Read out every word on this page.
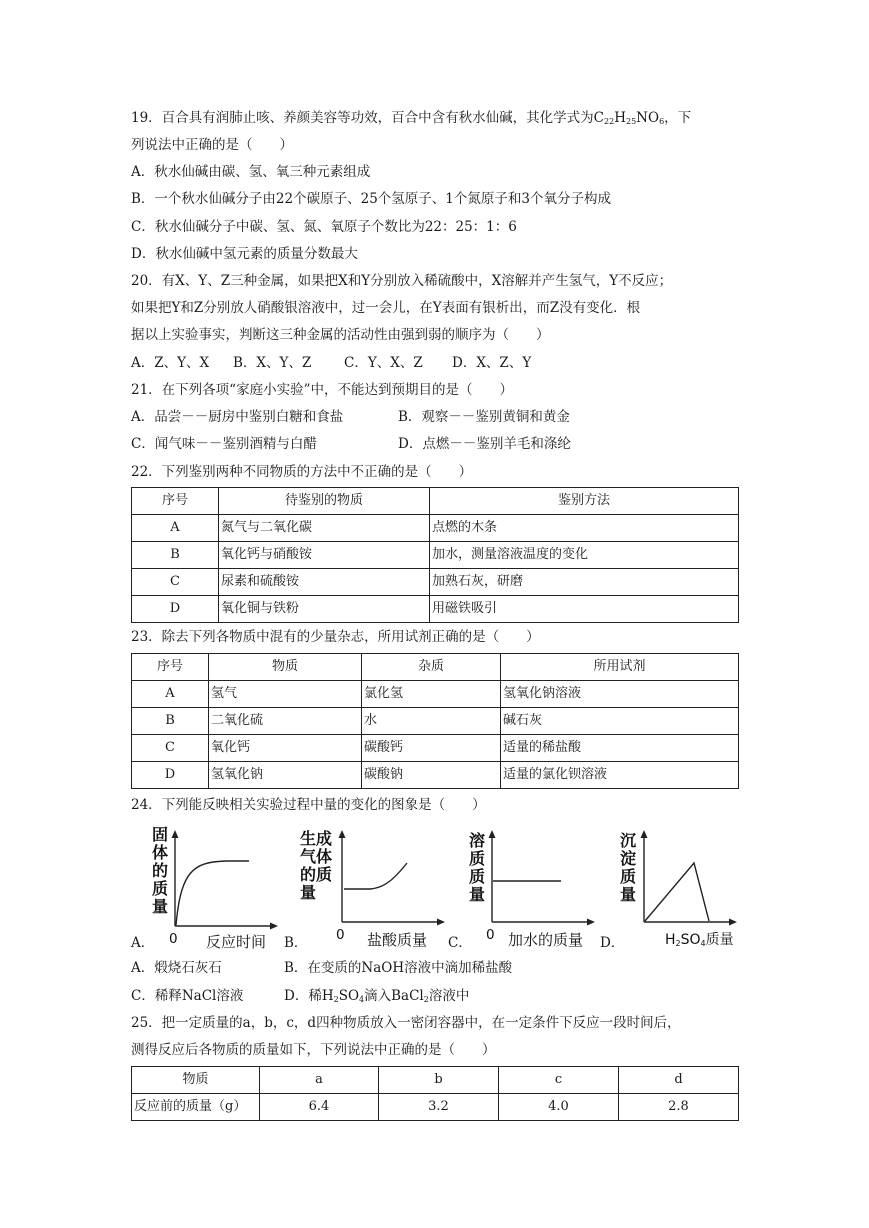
19．百合具有润肺止咳、养颜美容等功效，百合中含有秋水仙碱，其化学式为$C_{22}H_{25}NO_6$，下
列说法中正确的是（　　）
A．秋水仙碱由碳、氢、氧三种元素组成
B．一个秋水仙碱分子由22个碳原子、25个氢原子、1个氮原子和3个氧分子构成
C．秋水仙碱分子中碳、氢、氮、氧原子个数比为22：25：1：6
D．秋水仙碱中氢元素的质量分数最大
20．有X、Y、Z三种金属，如果把X和Y分别放入稀硫酸中，X溶解并产生氢气，Y不反应；
如果把Y和Z分别放人硝酸银溶液中，过一会儿，在Y表面有银析出，而Z没有变化．根
据以上实验事实，判断这三种金属的活动性由强到弱的顺序为（　　）
A．Z、Y、X B．X、Y、Z C．Y、X、Z D．X、Z、Y
21．在下列各项“家庭小实验”中，不能达到预期目的是（　　）
A．品尝－－厨房中鉴别白糖和食盐	B．观察－－鉴别黄铜和黄金
C．闻气味－－鉴别酒精与白醋	D．点燃－－鉴别羊毛和涤纶
22．下列鉴别两种不同物质的方法中不正确的是（　　）
序号	待鉴别的物质	鉴别方法
A	氮气与二氧化碳	点燃的木条
B	氧化钙与硝酸铵	加水，测量溶液温度的变化
C	尿素和硫酸铵	加熟石灰，研磨
D	氧化铜与铁粉	用磁铁吸引
23．除去下列各物质中混有的少量杂志，所用试剂正确的是（　　）
序号	物质	杂质	所用试剂
A	氢气	氯化氢	氢氧化钠溶液
B	二氧化硫	水	碱石灰
C	氧化钙	碳酸钙	适量的稀盐酸
D	氢氧化钠	碳酸钠	适量的氯化钡溶液
24．下列能反映相关实验过程中量的变化的图象是（　　）
固
体
的
质
量
0 反应时间
A．
生成
气体
的质
量
0 盐酸质量
B．
溶
质
质
量
0 加水的质量
C．
沉
淀
质
量
$H_2SO_4$质量
D．
A．煅烧石灰石	B．在变质的NaOH溶液中滴加稀盐酸
C．稀释NaCl溶液	D．稀$H_2SO_4$滴入BaCl$_2$溶液中
25．把一定质量的a，b，c，d四种物质放入一密闭容器中，在一定条件下反应一段时间后，
测得反应后各物质的质量如下，下列说法中正确的是（　　）
物质	a	b	c	d
反应前的质量（g）	6.4	3.2	4.0	2.8
